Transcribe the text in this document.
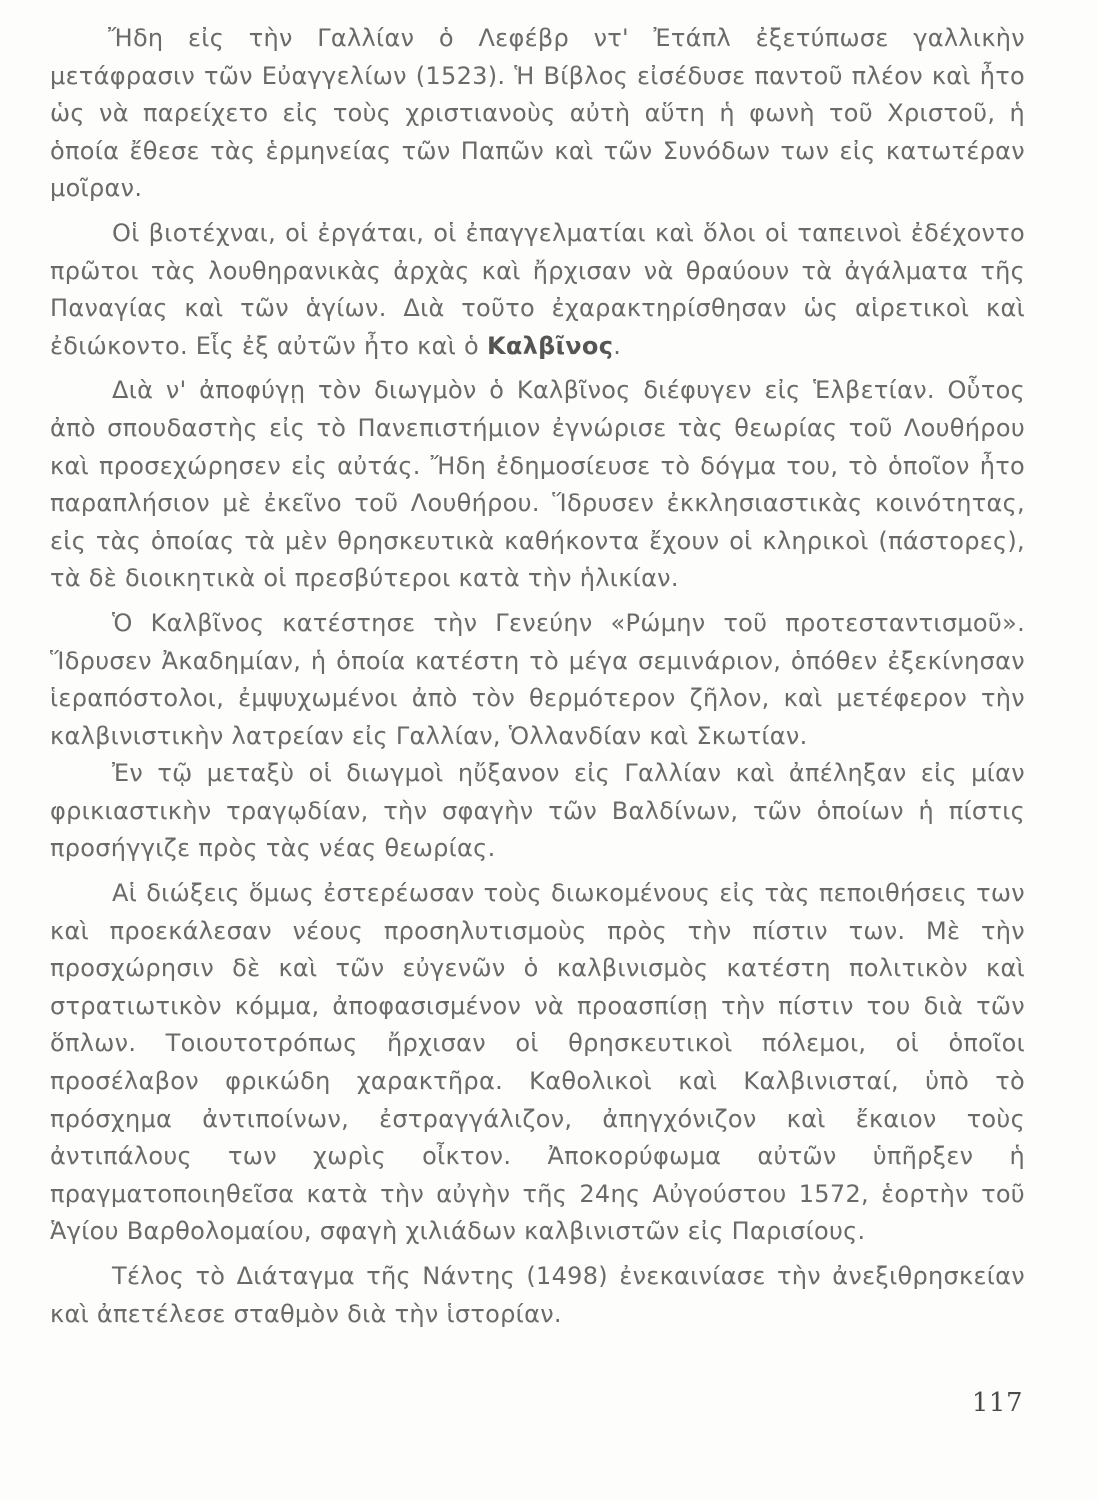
Ἤδη εἰς τὴν Γαλλίαν ὁ Λεφέβρ ντ' Ἐτάπλ ἐξετύπωσε γαλλικὴν μετάφρασιν τῶν Εὐαγγελίων (1523). Ἡ Βίβλος εἰσέδυσε παντοῦ πλέον καὶ ἦτο ὡς νὰ παρείχετο εἰς τοὺς χριστιανοὺς αὐτὴ αὕτη ἡ φωνὴ τοῦ Χριστοῦ, ἡ ὁποία ἔθεσε τὰς ἑρμηνείας τῶν Παπῶν καὶ τῶν Συνόδων των εἰς κατωτέραν μοῖραν.

Οἱ βιοτέχναι, οἱ ἐργάται, οἱ ἐπαγγελματίαι καὶ ὅλοι οἱ ταπεινοὶ ἐδέχοντο πρῶτοι τὰς λουθηρανικὰς ἀρχὰς καὶ ἤρχισαν νὰ θραύουν τὰ ἀγάλματα τῆς Παναγίας καὶ τῶν ἁγίων. Διὰ τοῦτο ἐχαρακτηρίσθησαν ὡς αἱρετικοὶ καὶ ἐδιώκοντο. Εἷς ἐξ αὐτῶν ἦτο καὶ ὁ Καλβῖνος.

Διὰ ν' ἀποφύγῃ τὸν διωγμὸν ὁ Καλβῖνος διέφυγεν εἰς Ἑλβετίαν. Οὗτος ἀπὸ σπουδαστὴς εἰς τὸ Πανεπιστήμιον ἐγνώρισε τὰς θεωρίας τοῦ Λουθήρου καὶ προσεχώρησεν εἰς αὐτάς. Ἤδη ἐδημοσίευσε τὸ δόγμα του, τὸ ὁποῖον ἦτο παραπλήσιον μὲ ἐκεῖνο τοῦ Λουθήρου. Ἵδρυσεν ἐκκλησιαστικὰς κοινότητας, εἰς τὰς ὁποίας τὰ μὲν θρησκευτικὰ καθήκοντα ἔχουν οἱ κληρικοὶ (πάστορες), τὰ δὲ διοικητικὰ οἱ πρεσβύτεροι κατὰ τὴν ἡλικίαν.

Ὁ Καλβῖνος κατέστησε τὴν Γενεύην «Ρώμην τοῦ προτεσταντισμοῦ». Ἵδρυσεν Ἀκαδημίαν, ἡ ὁποία κατέστη τὸ μέγα σεμινάριον, ὁπόθεν ἐξεκίνησαν ἱεραπόστολοι, ἐμψυχωμένοι ἀπὸ τὸν θερμότερον ζῆλον, καὶ μετέφερον τὴν καλβινιστικὴν λατρείαν εἰς Γαλλίαν, Ὁλλανδίαν καὶ Σκωτίαν.

Ἐν τῷ μεταξὺ οἱ διωγμοὶ ηὔξανον εἰς Γαλλίαν καὶ ἀπέληξαν εἰς μίαν φρικιαστικὴν τραγῳδίαν, τὴν σφαγὴν τῶν Βαλδίνων, τῶν ὁποίων ἡ πίστις προσήγγιζε πρὸς τὰς νέας θεωρίας.

Αἱ διώξεις ὅμως ἐστερέωσαν τοὺς διωκομένους εἰς τὰς πεποιθήσεις των καὶ προεκάλεσαν νέους προσηλυτισμοὺς πρὸς τὴν πίστιν των. Μὲ τὴν προσχώρησιν δὲ καὶ τῶν εὐγενῶν ὁ καλβινισμὸς κατέστη πολιτικὸν καὶ στρατιωτικὸν κόμμα, ἀποφασισμένον νὰ προασπίσῃ τὴν πίστιν του διὰ τῶν ὅπλων. Τοιουτοτρόπως ἤρχισαν οἱ θρησκευτικοὶ πόλεμοι, οἱ ὁποῖοι προσέλαβον φρικώδη χαρακτῆρα. Καθολικοὶ καὶ Καλβινισταί, ὑπὸ τὸ πρόσχημα ἀντιποίνων, ἐστραγγάλιζον, ἀπηγχόνιζον καὶ ἔκαιον τοὺς ἀντιπάλους των χωρὶς οἶκτον. Ἀποκορύφωμα αὐτῶν ὑπῆρξεν ἡ πραγματοποιηθεῖσα κατὰ τὴν αὐγὴν τῆς 24ης Αὐγούστου 1572, ἑορτὴν τοῦ Ἁγίου Βαρθολομαίου, σφαγὴ χιλιάδων καλβινιστῶν εἰς Παρισίους.

Τέλος τὸ Διάταγμα τῆς Νάντης (1498) ἐνεκαινίασε τὴν ἀνεξιθρησκείαν καὶ ἀπετέλεσε σταθμὸν διὰ τὴν ἱστορίαν.

117
